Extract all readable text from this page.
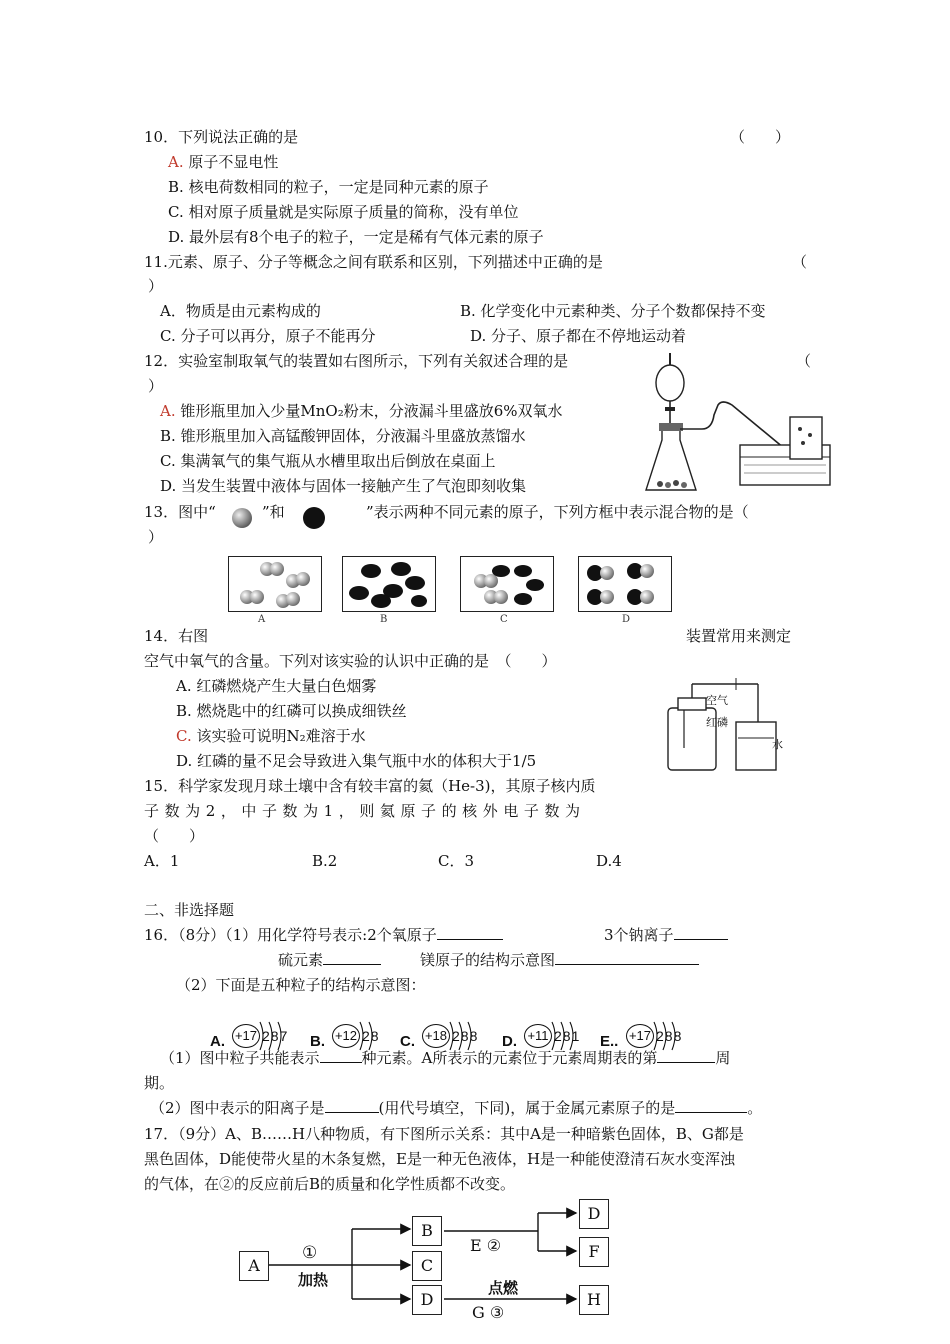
10．下列说法正确的是	（　　）
A. 原子不显电性
B. 核电荷数相同的粒子，一定是同种元素的原子
C. 相对原子质量就是实际原子质量的简称，没有单位
D. 最外层有8个电子的粒子，一定是稀有气体元素的原子
11.元素、原子、分子等概念之间有联系和区别，下列描述中正确的是	（
）
A．物质是由元素构成的	B. 化学变化中元素种类、分子个数都保持不变
C. 分子可以再分，原子不能再分	D. 分子、原子都在不停地运动着
12．实验室制取氧气的装置如右图所示，下列有关叙述合理的是	（
）
A. 锥形瓶里加入少量MnO₂粉末，分液漏斗里盛放6%双氧水
B. 锥形瓶里加入高锰酸钾固体，分液漏斗里盛放蒸馏水
C. 集满氧气的集气瓶从水槽里取出后倒放在桌面上
D. 当发生装置中液体与固体一接触产生了气泡即刻收集
13．图中“	”和	”表示两种不同元素的原子，下列方框中表示混合物的是（
）
A	B	C	D
14．右图	装置常用来测定
空气中氧气的含量。下列对该实验的认识中正确的是　（　　）
A. 红磷燃烧产生大量白色烟雾
B. 燃烧匙中的红磷可以换成细铁丝
C. 该实验可说明N₂难溶于水
D. 红磷的量不足会导致进入集气瓶中水的体积大于1/5
空气
红磷
水
15．科学家发现月球土壤中含有较丰富的氦（He-3)，其原子核内质
子 数 为 2 ， 中 子 数 为 1 ， 则 氦 原 子 的 核 外 电 子 数 为
（　　）
A．1	B.2	C．3	D.4
二、非选择题
16．（8分）（1）用化学符号表示:2个氧原子	3个钠离子
硫元素	镁原子的结构示意图
（2）下面是五种粒子的结构示意图：
A. +17 287 B. +12 28 C. +18 288 D. +11 281 E.. +17 288
（1）图中粒子共能表示	种元素。A所表示的元素位于元素周期表的第	周
期。
（2）图中表示的阳离子是	(用代号填空，下同)，属于金属元素原子的是	。
17．（9分）A、B……H八种物质，有下图所示关系：其中A是一种暗紫色固体，B、G都是
黑色固体，D能使带火星的木条复燃，E是一种无色液体，H是一种能使澄清石灰水变浑浊
的气体，在②的反应前后B的质量和化学性质都不改变。
A
B
C
D
D
F
H
①
加热
E ②
点燃
G ③
